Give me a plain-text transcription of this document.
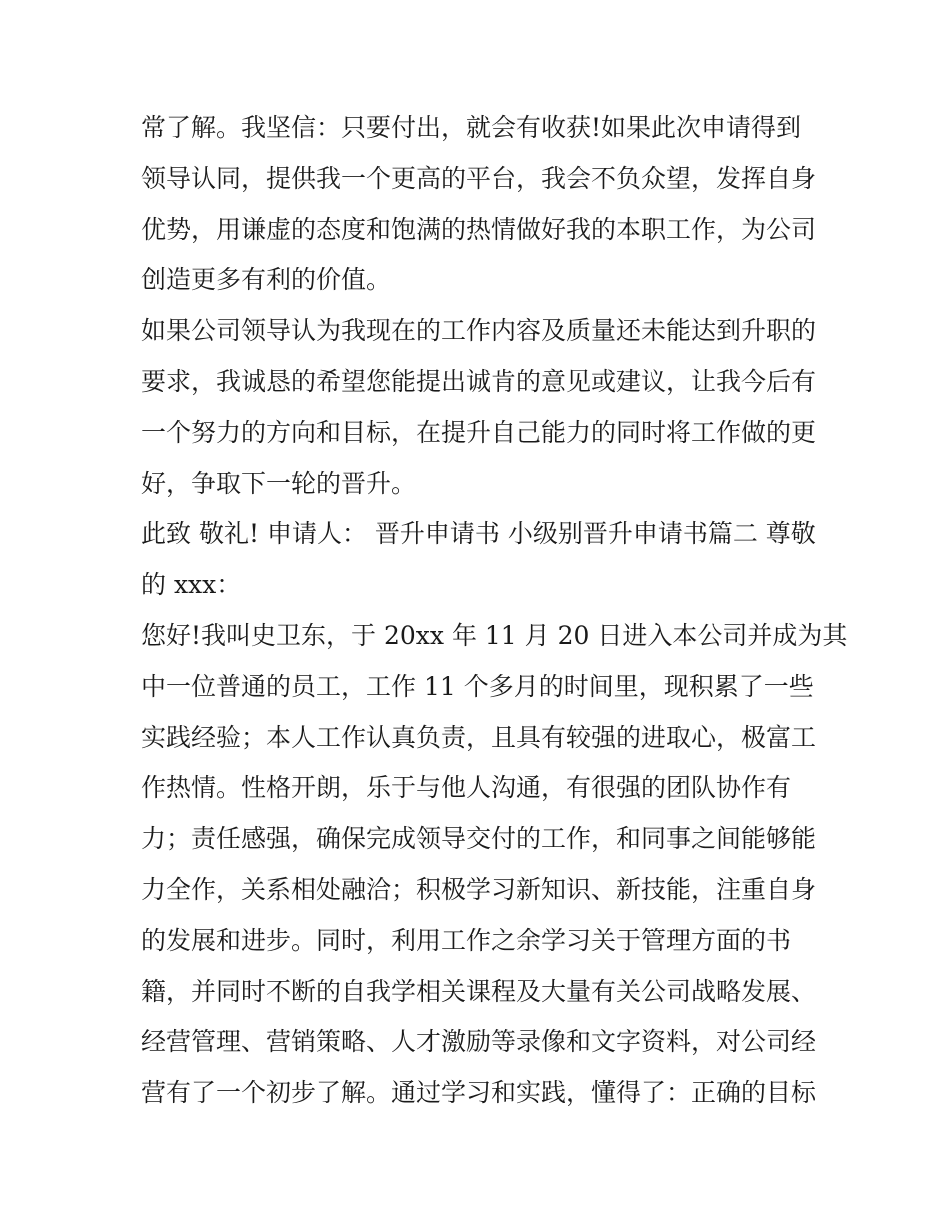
常了解。我坚信：只要付出，就会有收获!如果此次申请得到
领导认同，提供我一个更高的平台，我会不负众望，发挥自身
优势，用谦虚的态度和饱满的热情做好我的本职工作，为公司
创造更多有利的价值。
如果公司领导认为我现在的工作内容及质量还未能达到升职的
要求，我诚恳的希望您能提出诚肯的意见或建议，让我今后有
一个努力的方向和目标，在提升自己能力的同时将工作做的更
好，争取下一轮的晋升。
此致 敬礼! 申请人： 晋升申请书 小级别晋升申请书篇二 尊敬
的 xxx：
您好!我叫史卫东，于 20xx 年 11 月 20 日进入本公司并成为其
中一位普通的员工，工作 11 个多月的时间里，现积累了一些
实践经验；本人工作认真负责，且具有较强的进取心，极富工
作热情。性格开朗，乐于与他人沟通，有很强的团队协作有
力；责任感强，确保完成领导交付的工作，和同事之间能够能
力全作，关系相处融洽；积极学习新知识、新技能，注重自身
的发展和进步。同时，利用工作之余学习关于管理方面的书
籍，并同时不断的自我学相关课程及大量有关公司战略发展、
经营管理、营销策略、人才激励等录像和文字资料，对公司经
营有了一个初步了解。通过学习和实践，懂得了：正确的目标
